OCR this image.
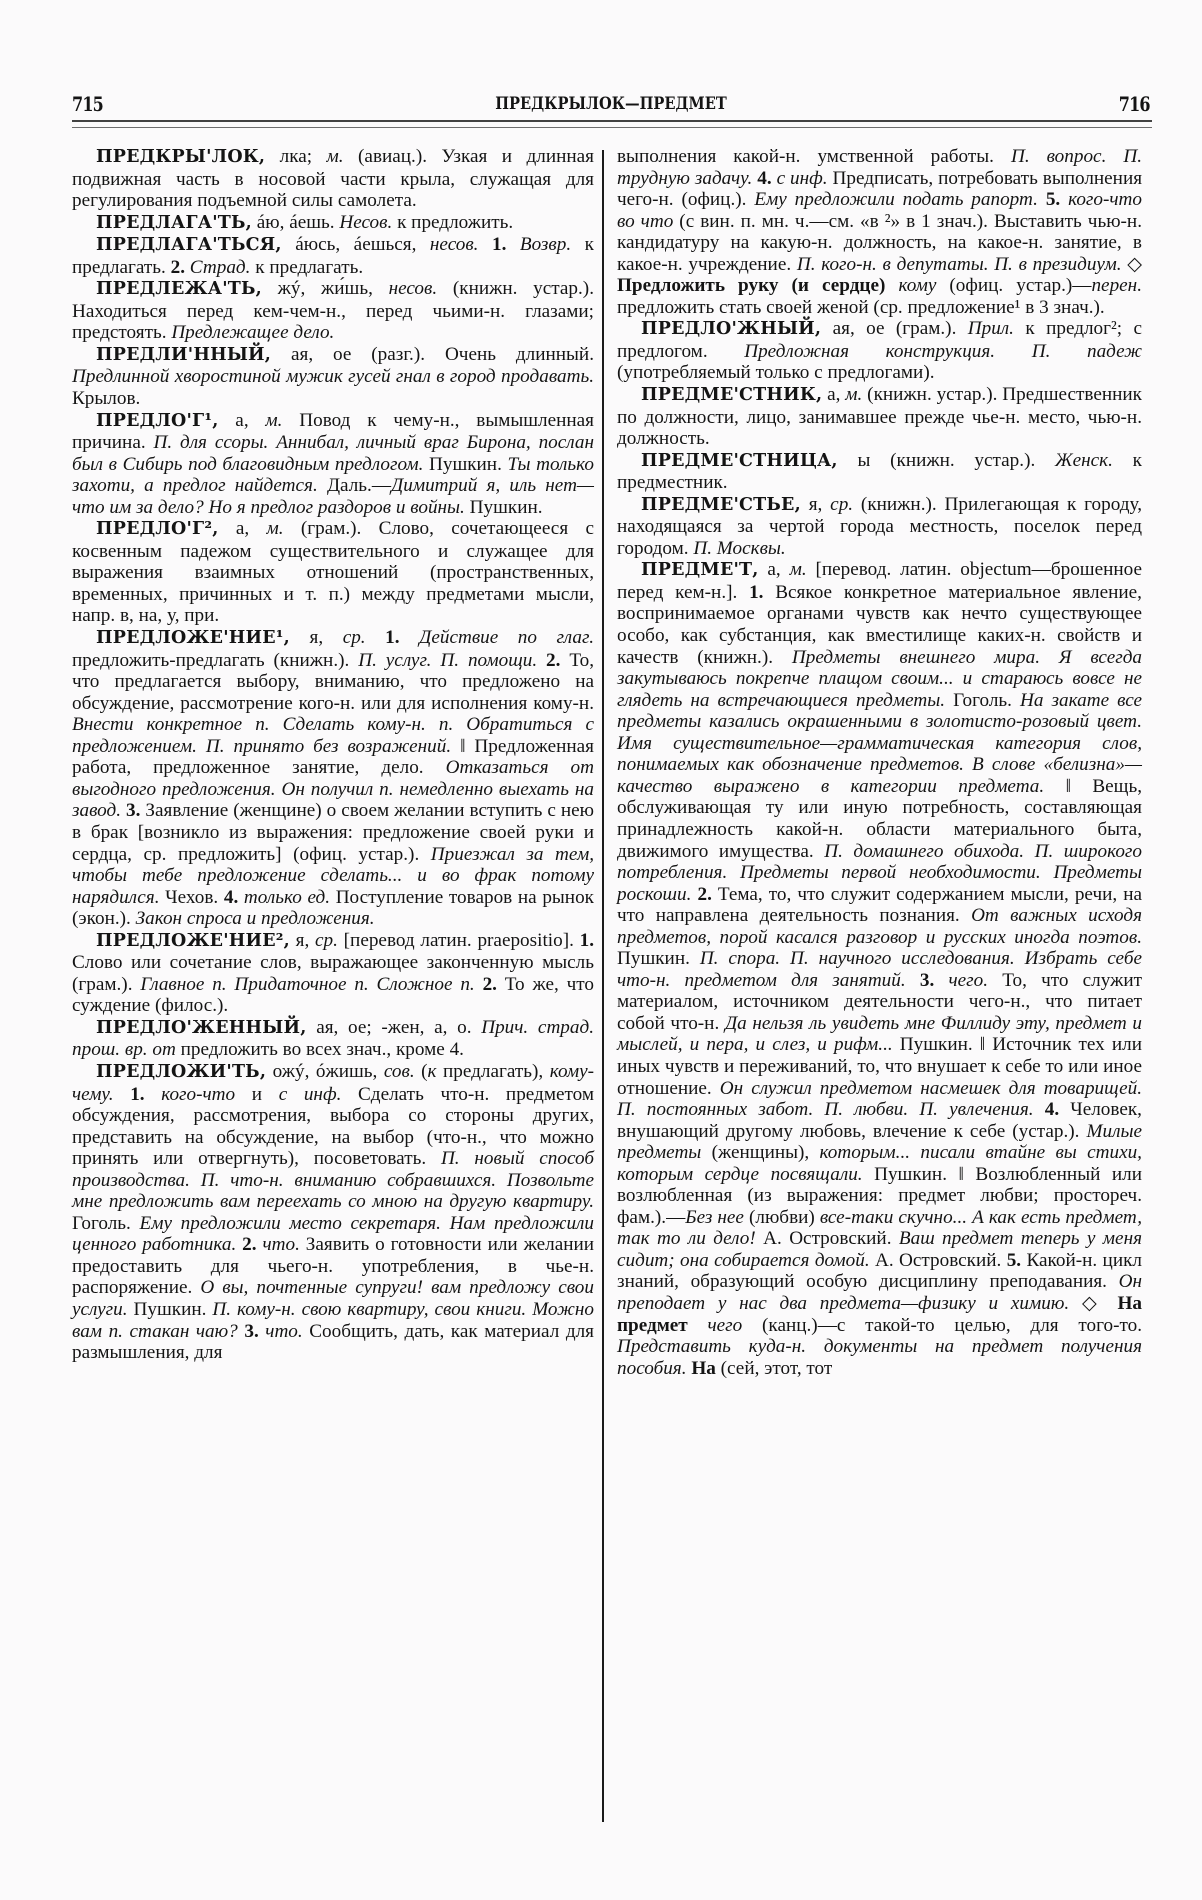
715	ПРЕДКРЫЛОК—ПРЕДМЕТ	716

ПРЕДКРЫ'ЛОК, лка; м. (авиац.). Узкая и длинная подвижная часть в носовой части крыла, служащая для регулирования подъемной силы самолета.

ПРЕДЛАГА'ТЬ, áю, áешь. Несов. к предложить.

ПРЕДЛАГА'ТЬСЯ, áюсь, áешься, несов. 1. Возвр. к предлагать. 2. Страд. к предлагать.

ПРЕДЛЕЖА'ТЬ, жý, жи́шь, несов. (книжн. устар.). Находиться перед кем-чем-н., перед чьими-н. глазами; предстоять. Предлежащее дело.

ПРЕДЛИ'ННЫЙ, ая, ое (разг.). Очень длинный. Предлинной хворостиной мужик гусей гнал в город продавать. Крылов.

ПРЕДЛО'Г¹, а, м. Повод к чему-н., вымышленная причина. П. для ссоры. Аннибал, личный враг Бирона, послан был в Сибирь под благовидным предлогом. Пушкин. Ты только захоти, а предлог найдется. Даль.—Димитрий я, иль нет—что им за дело? Но я предлог раздоров и войны. Пушкин.

ПРЕДЛО'Г², а, м. (грам.). Слово, сочетающееся с косвенным падежом существительного и служащее для выражения взаимных отношений (пространственных, временных, причинных и т. п.) между предметами мысли, напр. в, на, у, при.

ПРЕДЛОЖЕ'НИЕ¹, я, ср. 1. Действие по глаг. предложить-предлагать (книжн.). П. услуг. П. помощи. 2. То, что предлагается выбору, вниманию, что предложено на обсуждение, рассмотрение кого-н. или для исполнения кому-н. Внести конкретное п. Сделать кому-н. п. Обратиться с предложением. П. принято без возражений. ‖ Предложенная работа, предложенное занятие, дело. Отказаться от выгодного предложения. Он получил п. немедленно выехать на завод. 3. Заявление (женщине) о своем желании вступить с нею в брак [возникло из выражения: предложение своей руки и сердца, ср. предложить] (офиц. устар.). Приезжал за тем, чтобы тебе предложение сделать... и во фрак потому нарядился. Чехов. 4. только ед. Поступление товаров на рынок (экон.). Закон спроса и предложения.

ПРЕДЛОЖЕ'НИЕ², я, ср. [перевод латин. praepositio]. 1. Слово или сочетание слов, выражающее законченную мысль (грам.). Главное п. Придаточное п. Сложное п. 2. То же, что суждение (филос.).

ПРЕДЛО'ЖЕННЫЙ, ая, ое; -жен, а, о. Прич. страд. прош. вр. от предложить во всех знач., кроме 4.

ПРЕДЛОЖИ'ТЬ, ожý, óжишь, сов. (к предлагать), кому-чему. 1. кого-что и с инф. Сделать что-н. предметом обсуждения, рассмотрения, выбора со стороны других, представить на обсуждение, на выбор (что-н., что можно принять или отвергнуть), посоветовать. П. новый способ производства. П. что-н. вниманию собравшихся. Позвольте мне предложить вам переехать со мною на другую квартиру. Гоголь. Ему предложили место секретаря. Нам предложили ценного работника. 2. что. Заявить о готовности или желании предоставить для чьего-н. употребления, в чье-н. распоряжение. О вы, почтенные супруги! вам предложу свои услуги. Пушкин. П. кому-н. свою квартиру, свои книги. Можно вам п. стакан чаю? 3. что. Сообщить, дать, как материал для размышления, для

выполнения какой-н. умственной работы. П. вопрос. П. трудную задачу. 4. с инф. Предписать, потребовать выполнения чего-н. (офиц.). Ему предложили подать рапорт. 5. кого-что во что (с вин. п. мн. ч.—см. «в ²» в 1 знач.). Выставить чью-н. кандидатуру на какую-н. должность, на какое-н. занятие, в какое-н. учреждение. П. кого-н. в депутаты. П. в президиум. ◇ Предложить руку (и сердце) кому (офиц. устар.)—перен. предложить стать своей женой (ср. предложение¹ в 3 знач.).

ПРЕДЛО'ЖНЫЙ, ая, ое (грам.). Прил. к предлог²; с предлогом. Предложная конструкция. П. падеж (употребляемый только с предлогами).

ПРЕДМЕ'СТНИК, а, м. (книжн. устар.). Предшественник по должности, лицо, занимавшее прежде чье-н. место, чью-н. должность.

ПРЕДМЕ'СТНИЦА, ы (книжн. устар.). Женск. к предместник.

ПРЕДМЕ'СТЬЕ, я, ср. (книжн.). Прилегающая к городу, находящаяся за чертой города местность, поселок перед городом. П. Москвы.

ПРЕДМЕ'Т, а, м. [перевод. латин. objectum—брошенное перед кем-н.]. 1. Всякое конкретное материальное явление, воспринимаемое органами чувств как нечто существующее особо, как субстанция, как вместилище каких-н. свойств и качеств (книжн.). Предметы внешнего мира. Я всегда закутываюсь покрепче плащом своим... и стараюсь вовсе не глядеть на встречающиеся предметы. Гоголь. На закате все предметы казались окрашенными в золотисто-розовый цвет. Имя существительное—грамматическая категория слов, понимаемых как обозначение предметов. В слове «белизна»—качество выражено в категории предмета. ‖ Вещь, обслуживающая ту или иную потребность, составляющая принадлежность какой-н. области материального быта, движимого имущества. П. домашнего обихода. П. широкого потребления. Предметы первой необходимости. Предметы роскоши. 2. Тема, то, что служит содержанием мысли, речи, на что направлена деятельность познания. От важных исходя предметов, порой касался разговор и русских иногда поэтов. Пушкин. П. спора. П. научного исследования. Избрать себе что-н. предметом для занятий. 3. чего. То, что служит материалом, источником деятельности чего-н., что питает собой что-н. Да нельзя ль увидеть мне Филлиду эту, предмет и мыслей, и пера, и слез, и рифм... Пушкин. ‖ Источник тех или иных чувств и переживаний, то, что внушает к себе то или иное отношение. Он служил предметом насмешек для товарищей. П. постоянных забот. П. любви. П. увлечения. 4. Человек, внушающий другому любовь, влечение к себе (устар.). Милые предметы (женщины), которым... писали втайне вы стихи, которым сердце посвящали. Пушкин. ‖ Возлюбленный или возлюбленная (из выражения: предмет любви; простореч. фам.).—Без нее (любви) все-таки скучно... А как есть предмет, так то ли дело! А. Островский. Ваш предмет теперь у меня сидит; она собирается домой. А. Островский. 5. Какой-н. цикл знаний, образующий особую дисциплину преподавания. Он преподает у нас два предмета—физику и химию. ◇ На предмет чего (канц.)—с такой-то целью, для того-то. Представить куда-н. документы на предмет получения пособия. На (сей, этот, тот
